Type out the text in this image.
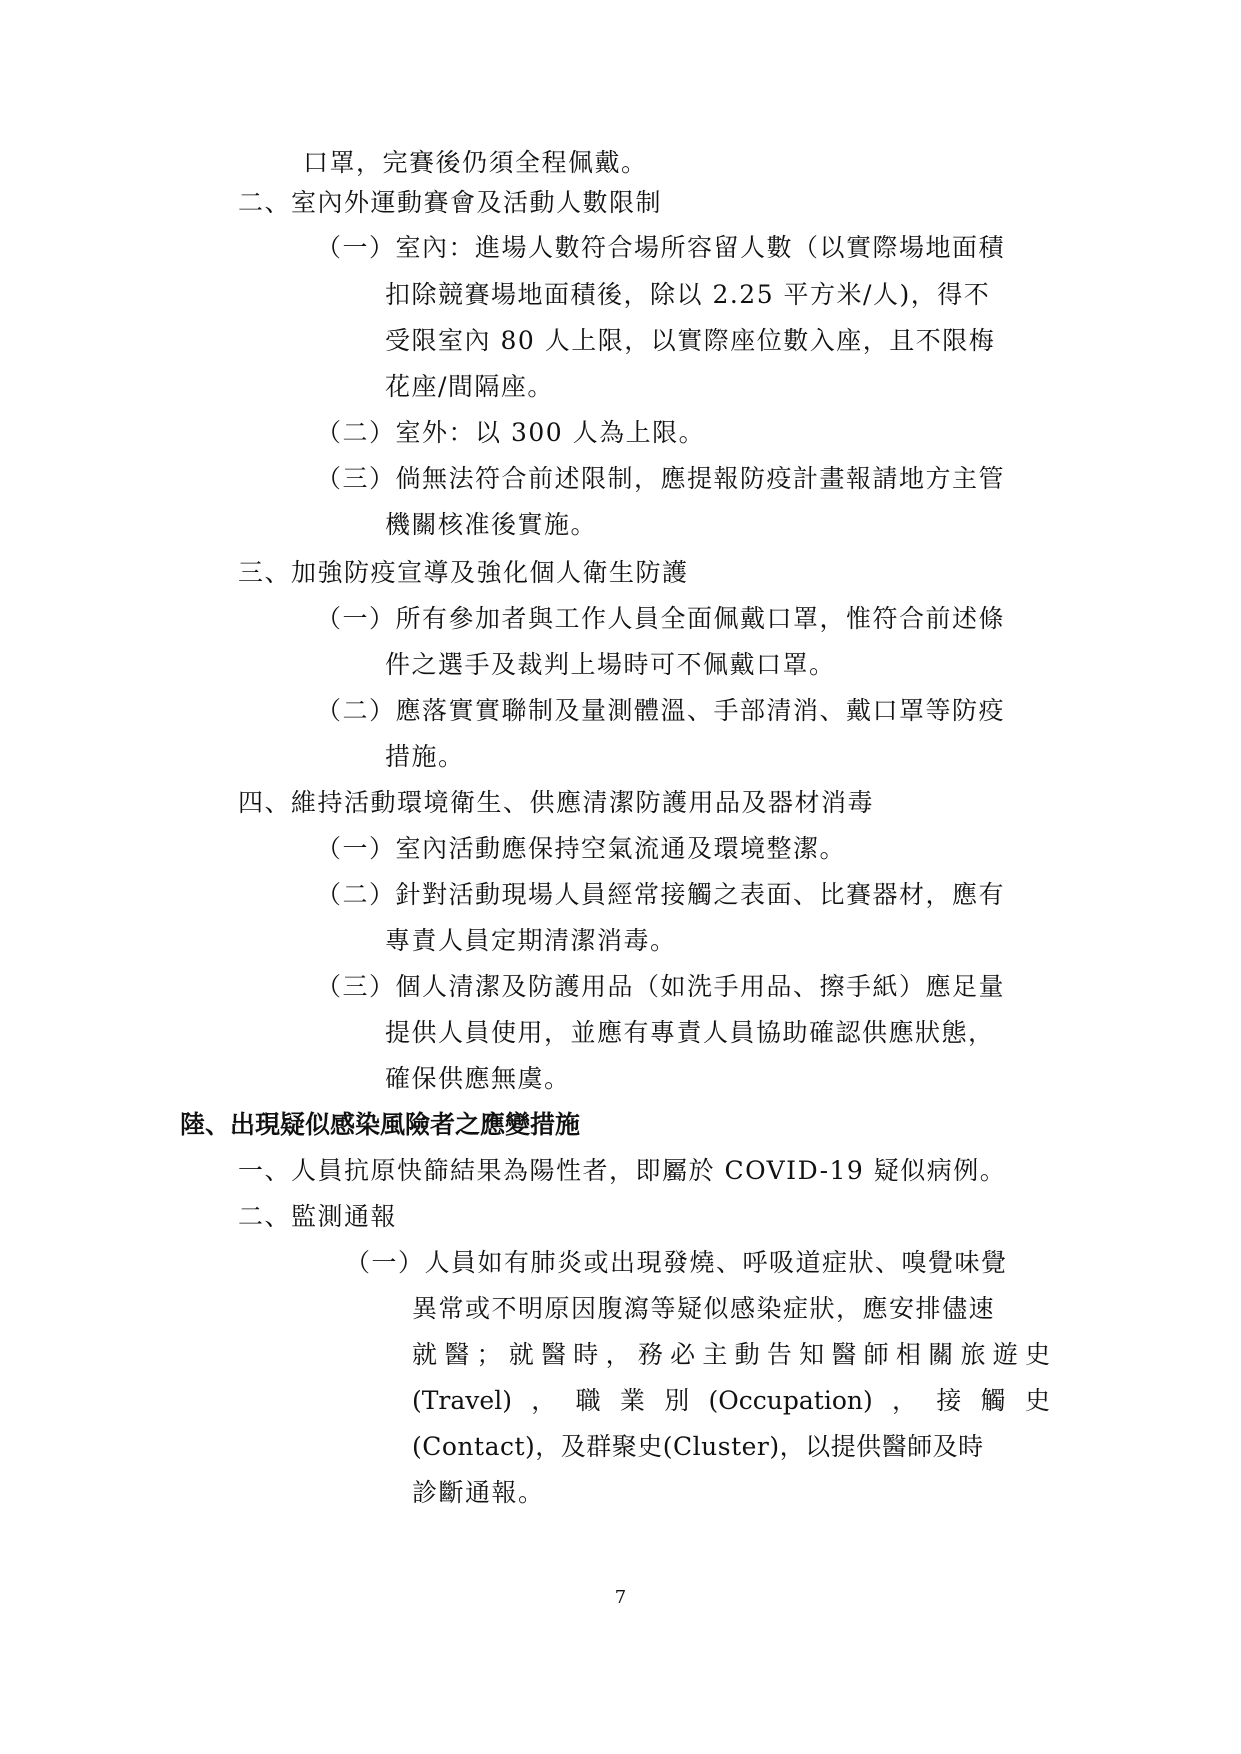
口罩，完賽後仍須全程佩戴。
二、室內外運動賽會及活動人數限制
（一）室內：進場人數符合場所容留人數（以實際場地面積
扣除競賽場地面積後，除以 2.25 平方米/人)，得不
受限室內 80 人上限，以實際座位數入座，且不限梅
花座/間隔座。
（二）室外：以 300 人為上限。
（三）倘無法符合前述限制，應提報防疫計畫報請地方主管
機關核准後實施。
三、加強防疫宣導及強化個人衛生防護
（一）所有參加者與工作人員全面佩戴口罩，惟符合前述條
件之選手及裁判上場時可不佩戴口罩。
（二）應落實實聯制及量測體溫、手部清消、戴口罩等防疫
措施。
四、維持活動環境衛生、供應清潔防護用品及器材消毒
（一）室內活動應保持空氣流通及環境整潔。
（二）針對活動現場人員經常接觸之表面、比賽器材，應有
專責人員定期清潔消毒。
（三）個人清潔及防護用品（如洗手用品、擦手紙）應足量
提供人員使用，並應有專責人員協助確認供應狀態，
確保供應無虞。
陸、出現疑似感染風險者之應變措施
一、人員抗原快篩結果為陽性者，即屬於 COVID-19 疑似病例。
二、監測通報
（一）人員如有肺炎或出現發燒、呼吸道症狀、嗅覺味覺
異常或不明原因腹瀉等疑似感染症狀，應安排儘速
就醫；就醫時，務必主動告知醫師相關旅遊史
(Travel)，職業別(Occupation)，接觸史
(Contact)，及群聚史(Cluster)，以提供醫師及時
診斷通報。
7
